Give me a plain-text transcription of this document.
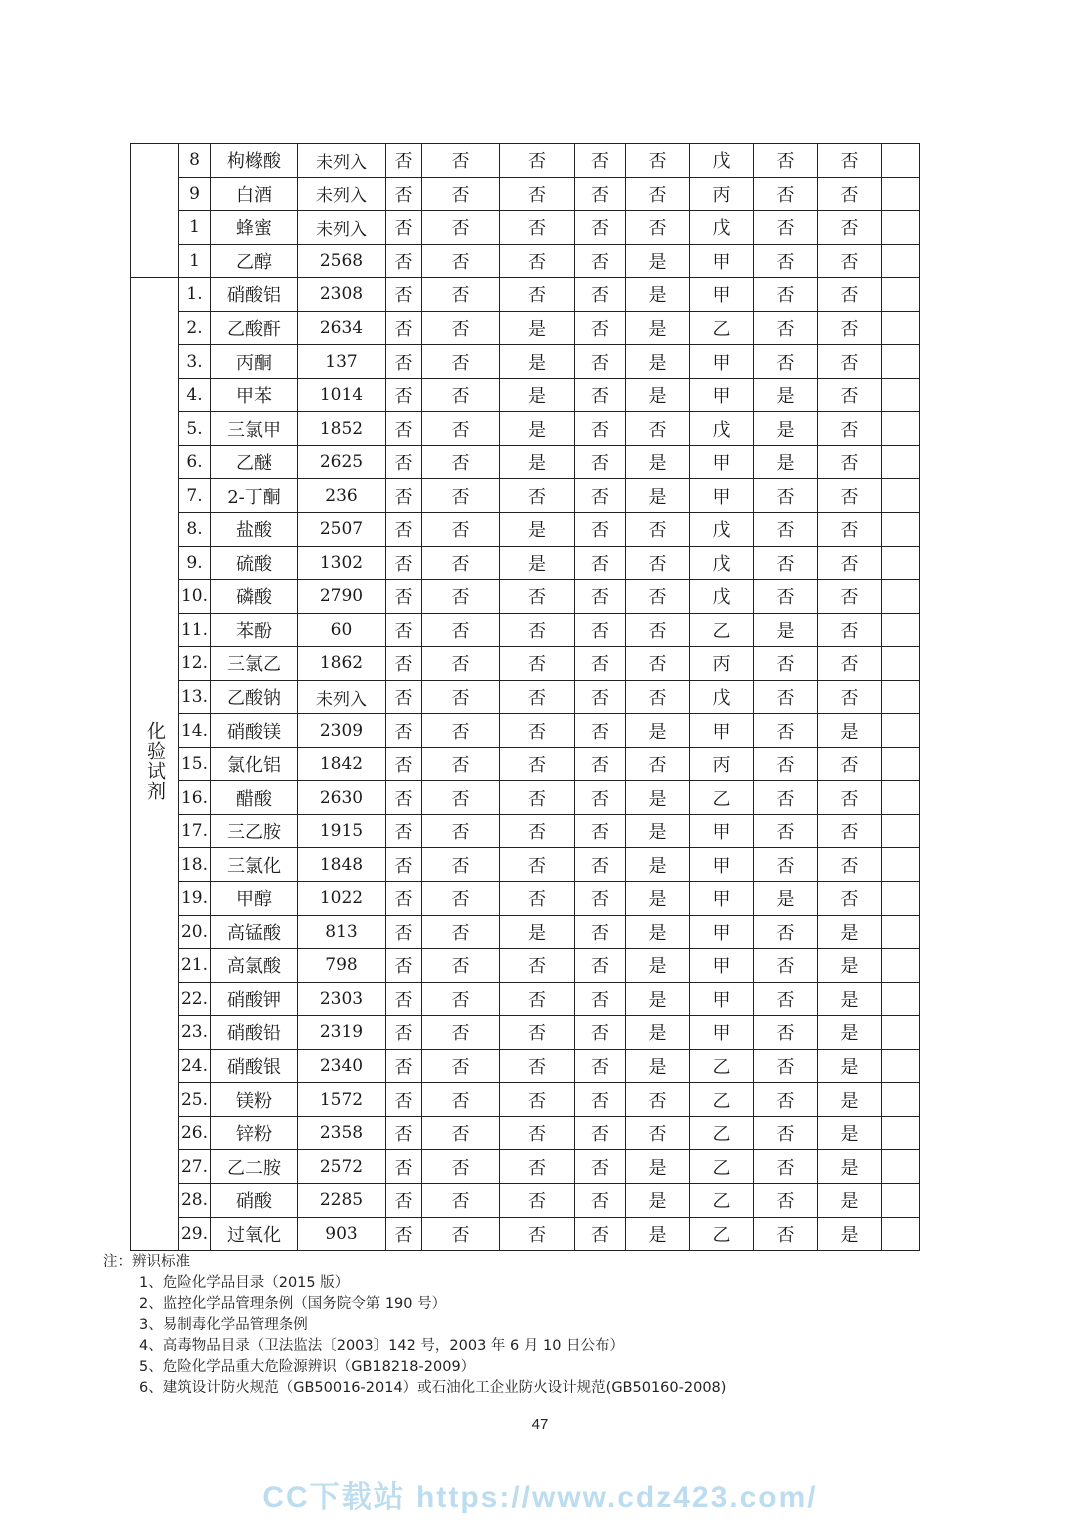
	8	枸橼酸	未列入	否	否	否	否	否	戊	否	否	
	9	白酒	未列入	否	否	否	否	否	丙	否	否	
	1	蜂蜜	未列入	否	否	否	否	否	戊	否	否	
	1	乙醇	2568	否	否	否	否	是	甲	否	否	
化验试剂	1.	硝酸铝	2308	否	否	否	否	是	甲	否	否	
	2.	乙酸酐	2634	否	否	是	否	是	乙	否	否	
	3.	丙酮	137	否	否	是	否	是	甲	否	否	
	4.	甲苯	1014	否	否	是	否	是	甲	是	否	
	5.	三氯甲	1852	否	否	是	否	否	戊	是	否	
	6.	乙醚	2625	否	否	是	否	是	甲	是	否	
	7.	2-丁酮	236	否	否	否	否	是	甲	否	否	
	8.	盐酸	2507	否	否	是	否	否	戊	否	否	
	9.	硫酸	1302	否	否	是	否	否	戊	否	否	
	10.	磷酸	2790	否	否	否	否	否	戊	否	否	
	11.	苯酚	60	否	否	否	否	否	乙	是	否	
	12.	三氯乙	1862	否	否	否	否	否	丙	否	否	
	13.	乙酸钠	未列入	否	否	否	否	否	戊	否	否	
	14.	硝酸镁	2309	否	否	否	否	是	甲	否	是	
	15.	氯化铝	1842	否	否	否	否	否	丙	否	否	
	16.	醋酸	2630	否	否	否	否	是	乙	否	否	
	17.	三乙胺	1915	否	否	否	否	是	甲	否	否	
	18.	三氯化	1848	否	否	否	否	是	甲	否	否	
	19.	甲醇	1022	否	否	否	否	是	甲	是	否	
	20.	高锰酸	813	否	否	是	否	是	甲	否	是	
	21.	高氯酸	798	否	否	否	否	是	甲	否	是	
	22.	硝酸钾	2303	否	否	否	否	是	甲	否	是	
	23.	硝酸铅	2319	否	否	否	否	是	甲	否	是	
	24.	硝酸银	2340	否	否	否	否	是	乙	否	是	
	25.	镁粉	1572	否	否	否	否	否	乙	否	是	
	26.	锌粉	2358	否	否	否	否	否	乙	否	是	
	27.	乙二胺	2572	否	否	否	否	是	乙	否	是	
	28.	硝酸	2285	否	否	否	否	是	乙	否	是	
	29.	过氧化	903	否	否	否	否	是	乙	否	是	
注：辨识标准
1、危险化学品目录（2015 版）
2、监控化学品管理条例（国务院令第 190 号）
3、易制毒化学品管理条例
4、高毒物品目录（卫法监法〔2003〕142 号，2003 年 6 月 10 日公布）
5、危险化学品重大危险源辨识（GB18218-2009）
6、建筑设计防火规范（GB50016-2014）或石油化工企业防火设计规范(GB50160-2008)
47
CC下载站 https://www.cdz423.com/
